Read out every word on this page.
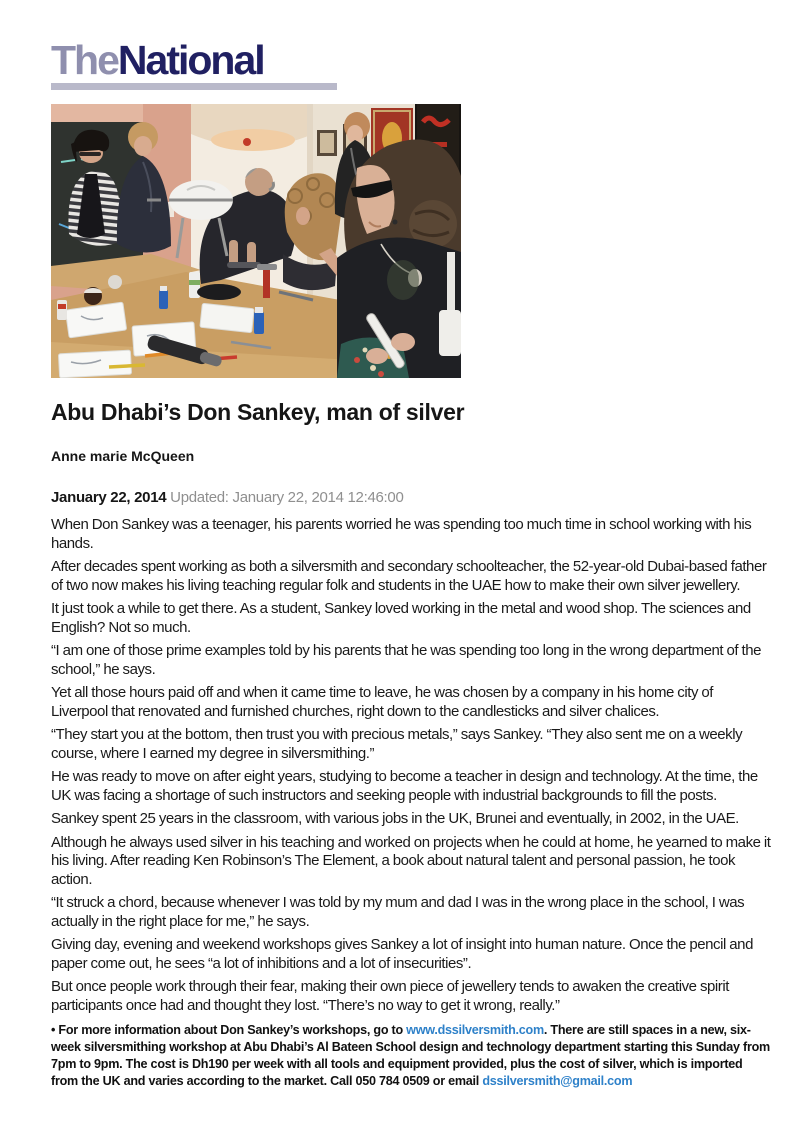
TheNational
Abu Dhabi’s Don Sankey, man of silver
Anne marie McQueen
January 22, 2014 Updated: January 22, 2014 12:46:00

When Don Sankey was a teenager, his parents worried he was spending too much time in school working with his hands.

After decades spent working as both a silversmith and secondary schoolteacher, the 52-year-old Dubai-based father of two now makes his living teaching regular folk and students in the UAE how to make their own silver jewellery.

It just took a while to get there. As a student, Sankey loved working in the metal and wood shop. The sciences and English? Not so much.

“I am one of those prime examples told by his parents that he was spending too long in the wrong department of the school,” he says.

Yet all those hours paid off and when it came time to leave, he was chosen by a company in his home city of Liverpool that renovated and furnished churches, right down to the candlesticks and silver chalices.

“They start you at the bottom, then trust you with precious metals,” says Sankey. “They also sent me on a weekly course, where I earned my degree in silversmithing.”

He was ready to move on after eight years, studying to become a teacher in design and technology. At the time, the UK was facing a shortage of such instructors and seeking people with industrial backgrounds to fill the posts.

Sankey spent 25 years in the classroom, with various jobs in the UK, Brunei and eventually, in 2002, in the UAE.

Although he always used silver in his teaching and worked on projects when he could at home, he yearned to make it his living. After reading Ken Robinson’s The Element, a book about natural talent and personal passion, he took action.

“It struck a chord, because whenever I was told by my mum and dad I was in the wrong place in the school, I was actually in the right place for me,” he says.

Giving day, evening and weekend workshops gives Sankey a lot of insight into human nature. Once the pencil and paper come out, he sees “a lot of inhibitions and a lot of insecurities”.

But once people work through their fear, making their own piece of jewellery tends to awaken the creative spirit participants once had and thought they lost. “There’s no way to get it wrong, really.”

• For more information about Don Sankey’s workshops, go to www.dssilversmith.com. There are still spaces in a new, six-week silversmithing workshop at Abu Dhabi’s Al Bateen School design and technology department starting this Sunday from 7pm to 9pm. The cost is Dh190 per week with all tools and equipment provided, plus the cost of silver, which is imported from the UK and varies according to the market. Call 050 784 0509 or email dssilversmith@gmail.com
